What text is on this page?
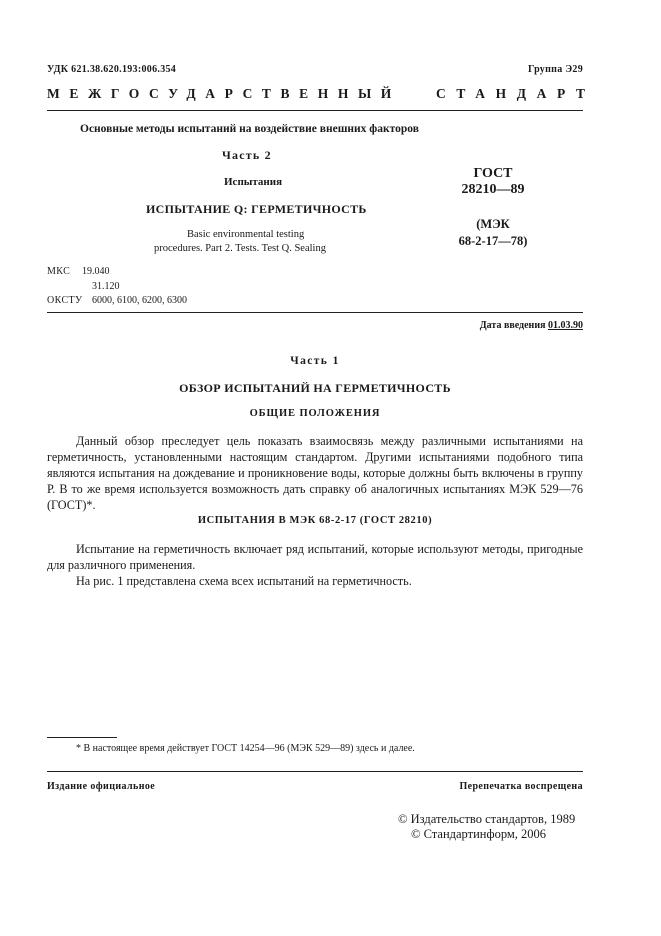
УДК 621.38.620.193:006.354	Группа Э29
МЕЖГОСУДАРСТВЕННЫЙ	СТАНДАРТ
Основные методы испытаний на воздействие внешних факторов
Часть 2
Испытания
ИСПЫТАНИЕ Q: ГЕРМЕТИЧНОСТЬ
Basic environmental testing
procedures. Part 2. Tests. Test Q. Sealing
ГОСТ
28210—89
(МЭК
68-2-17—78)
МКС 19.040
31.120
ОКСТУ 6000, 6100, 6200, 6300
Дата введения 01.03.90
Часть 1
ОБЗОР ИСПЫТАНИЙ НА ГЕРМЕТИЧНОСТЬ
ОБЩИЕ ПОЛОЖЕНИЯ

Данный обзор преследует цель показать взаимосвязь между различными испытаниями на герметичность, установленными настоящим стандартом. Другими испытаниями подобного типа являются испытания на дождевание и проникновение воды, которые должны быть включены в группу Р. В то же время используется возможность дать справку об аналогичных испытаниях МЭК 529—76 (ГОСТ)*.

ИСПЫТАНИЯ В МЭК 68-2-17 (ГОСТ 28210)

Испытание на герметичность включает ряд испытаний, которые используют методы, пригодные для различного применения.

На рис. 1 представлена схема всех испытаний на герметичность.

* В настоящее время действует ГОСТ 14254—96 (МЭК 529—89) здесь и далее.
Издание официальное	Перепечатка воспрещена
© Издательство стандартов, 1989
© Стандартинформ, 2006
